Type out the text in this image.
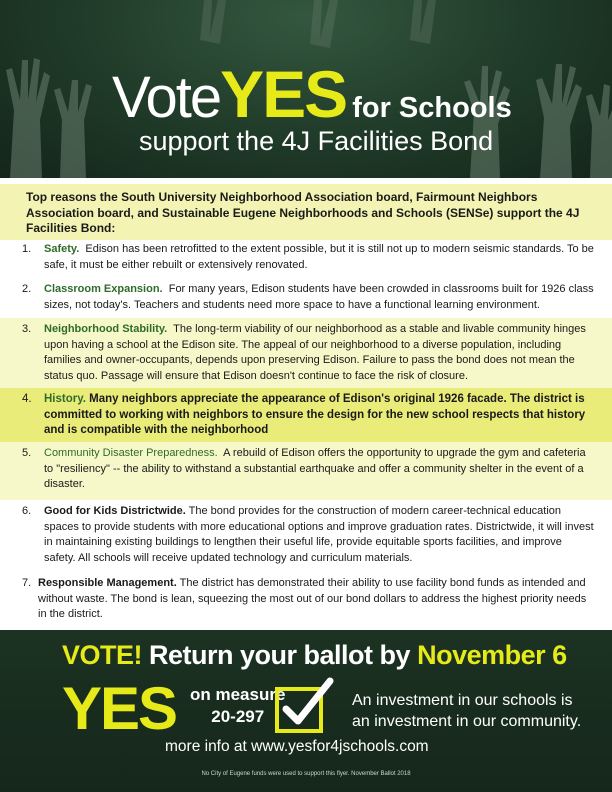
VoteYES for Schools
support the 4J Facilities Bond
Top reasons the South University Neighborhood Association board, Fairmount Neighbors Association board, and Sustainable Eugene Neighborhoods and Schools (SENSe) support the 4J Facilities Bond:
1. Safety. Edison has been retrofitted to the extent possible, but it is still not up to modern seismic standards. To be safe, it must be either rebuilt or extensively renovated.
2. Classroom Expansion. For many years, Edison students have been crowded in classrooms built for 1926 class sizes, not today's. Teachers and students need more space to have a functional learning environment.
3. Neighborhood Stability. The long-term viability of our neighborhood as a stable and livable community hinges upon having a school at the Edison site. The appeal of our neighborhood to a diverse population, including families and owner-occupants, depends upon preserving Edison. Failure to pass the bond does not mean the status quo. Passage will ensure that Edison doesn't continue to face the risk of closure.
4. History. Many neighbors appreciate the appearance of Edison's original 1926 facade. The district is committed to working with neighbors to ensure the design for the new school respects that history and is compatible with the neighborhood
5. Community Disaster Preparedness. A rebuild of Edison offers the opportunity to upgrade the gym and cafeteria to "resiliency" -- the ability to withstand a substantial earthquake and offer a community shelter in the event of a disaster.
6. Good for Kids Districtwide. The bond provides for the construction of modern career-technical education spaces to provide students with more educational options and improve graduation rates. Districtwide, it will invest in maintaining existing buildings to lengthen their useful life, provide equitable sports facilities, and improve safety. All schools will receive updated technology and curriculum materials.
7. Responsible Management. The district has demonstrated their ability to use facility bond funds as intended and without waste. The bond is lean, squeezing the most out of our bond dollars to address the highest priority needs in the district.
VOTE! Return your ballot by November 6
YES on measure
20-297
An investment in our schools is an investment in our community.
more info at www.yesfor4jschools.com
No City of Eugene funds were used to support this flyer. November Ballot 2018
